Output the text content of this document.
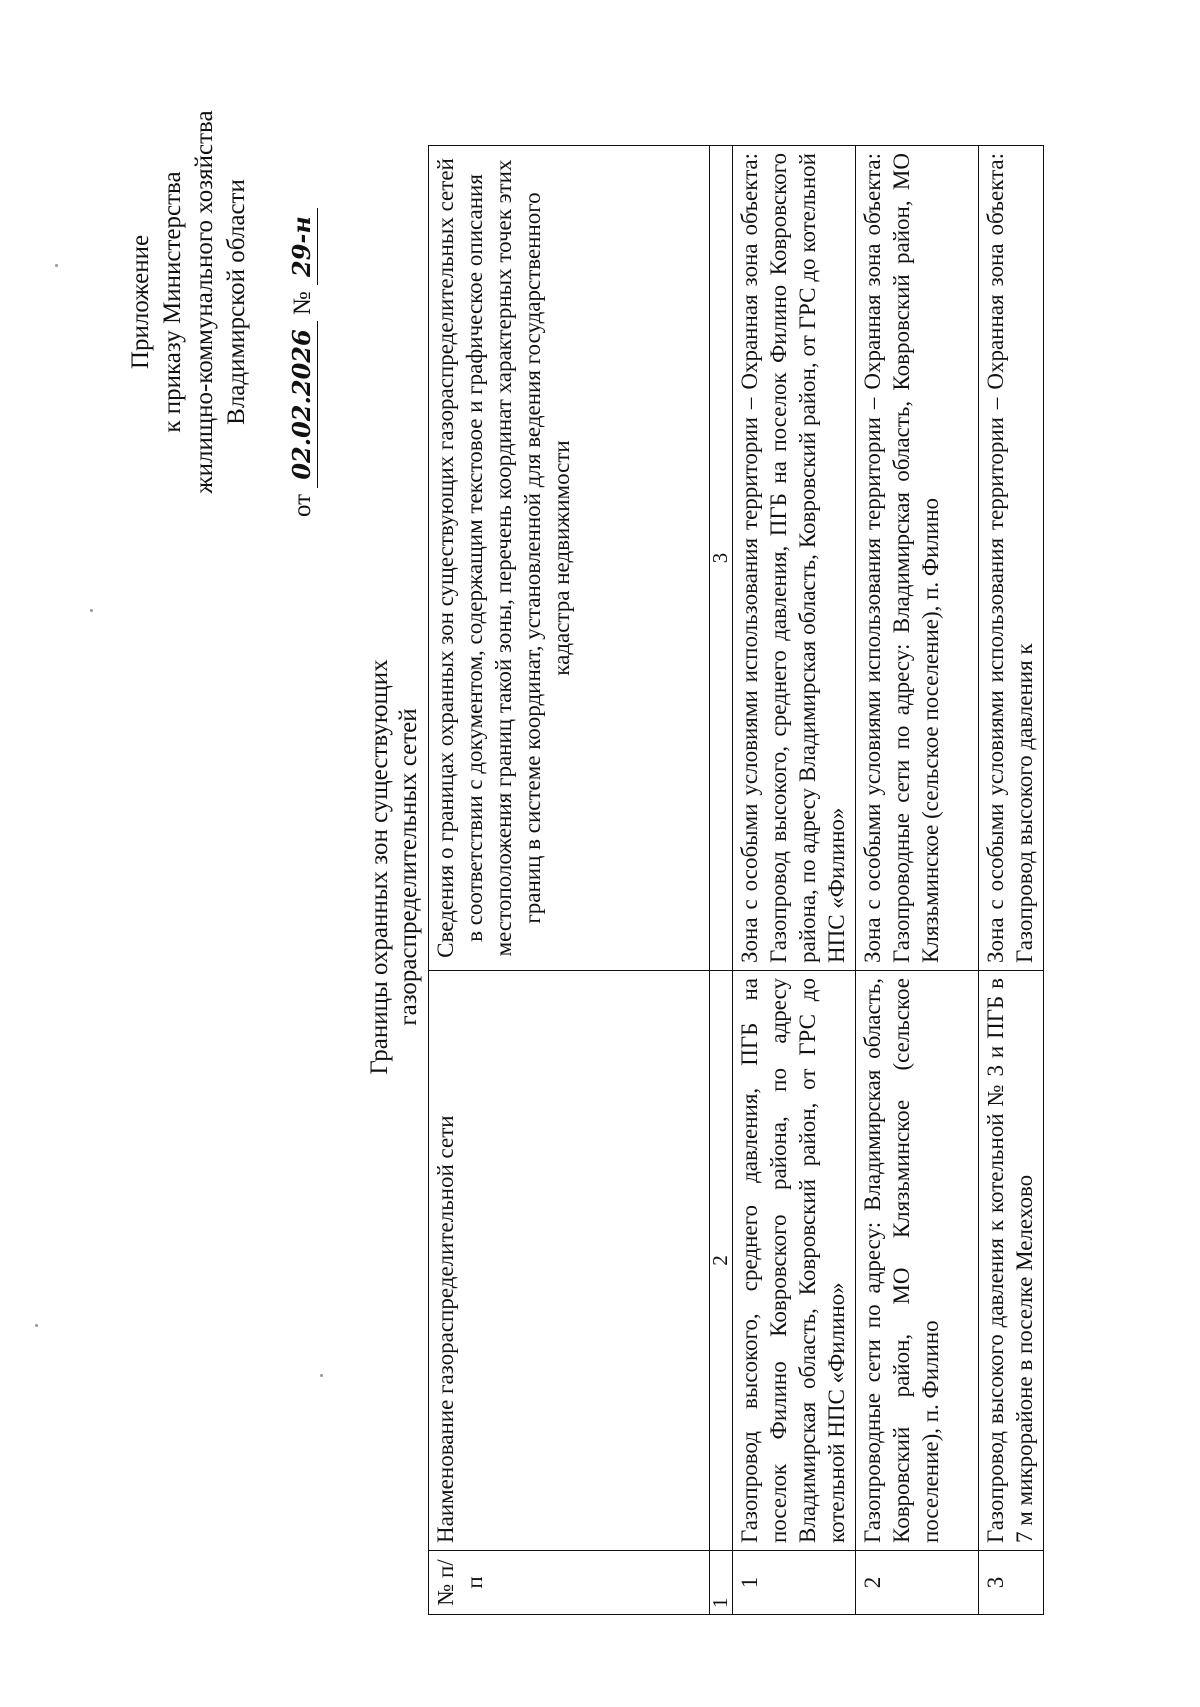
Приложение к приказу Министерства жилищно-коммунального хозяйства Владимирской области
от 02.02.2026 № 29-н
Границы охранных зон существующих газораспределительных сетей
№ п/п	Наименование газораспределительной сети	Сведения о границах охранных зон существующих газораспределительных сетей в соответствии с документом, содержащим текстовое и графическое описания местоположения границ такой зоны, перечень координат характерных точек этих границ в системе координат, установленной для ведения государственного кадастра недвижимости
1	2	3
1	Газопровод высокого, среднего давления, ПГБ на поселок Филино Ковровского района, по адресу Владимирская область, Ковровский район, от ГРС до котельной НПС «Филино»	Зона с особыми условиями использования территории – Охранная зона объекта: Газопровод высокого, среднего давления, ПГБ на поселок Филино Ковровского района, по адресу Владимирская область, Ковровский район, от ГРС до котельной НПС «Филино»
2	Газопроводные сети по адресу: Владимирская область, Ковровский район, МО Клязьминское (сельское поселение), п. Филино	Зона с особыми условиями использования территории – Охранная зона объекта: Газопроводные сети по адресу: Владимирская область, Ковровский район, МО Клязьминское (сельское поселение), п. Филино
3	Газопровод высокого давления к котельной № 3 и ПГБ в 7 м микрорайоне в поселке Мелехово	Зона с особыми условиями использования территории – Охранная зона объекта: Газопровод высокого давления к
